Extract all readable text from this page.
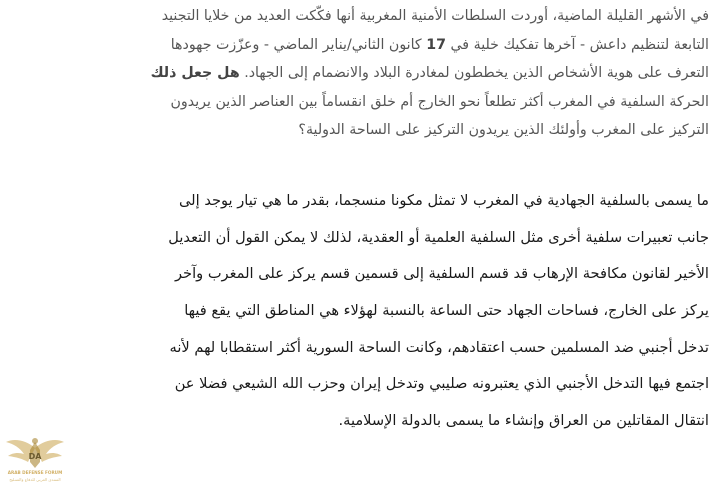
في الأشهر القليلة الماضية، أوردت السلطات الأمنية المغربية أنها فكّكت العديد من خلايا التجنيد
التابعة لتنظيم داعش - آخرها تفكيك خلية في 17 كانون الثاني/يناير الماضي - وعزّزت جهودها
التعرف على هوية الأشخاص الذين يخططون لمغادرة البلاد والانضمام إلى الجهاد. هل جعل ذلك
الحركة السلفية في المغرب أكثر تطلعاً نحو الخارج أم خلق انقساماً بين العناصر الذين يريدون
التركيز على المغرب وأولئك الذين يريدون التركيز على الساحة الدولية؟
ما يسمى بالسلفية الجهادية في المغرب لا تمثل مكونا منسجما، بقدر ما هي تيار يوجد إلى
جانب تعبيرات سلفية أخرى مثل السلفية العلمية أو العقدية، لذلك لا يمكن القول أن التعديل
الأخير لقانون مكافحة الإرهاب قد قسم السلفية إلى قسمين قسم يركز على المغرب وآخر
يركز على الخارج، فساحات الجهاد حتى الساعة بالنسبة لهؤلاء هي المناطق التي يقع فيها
تدخل أجنبي ضد المسلمين حسب اعتقادهم، وكانت الساحة السورية أكثر استقطابا لهم لأنه
اجتمع فيها التدخل الأجنبي الذي يعتبرونه صليبي وتدخل إيران وحزب الله الشيعي فضلا عن
انتقال المقاتلين من العراق وإنشاء ما يسمى بالدولة الإسلامية.
DA
ARAB DEFENSE FORUM
المنتدى العربي للدفاع والتسليح
